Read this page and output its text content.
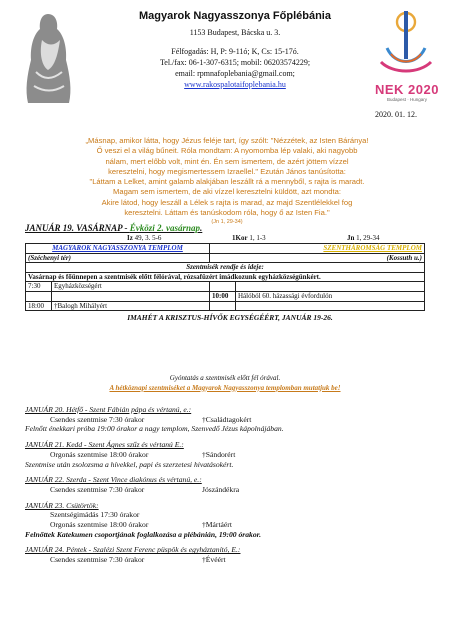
NEK 2020
Budapest · Hungary
2020. 01. 12.
Magyarok Nagyasszonya Főplébánia
1153 Budapest, Bácska u. 3.
Félfogadás: H, P: 9-11ó; K, Cs: 15-17ó.
Tel./fax: 06-1-307-6315; mobil: 06203574229;
email: rpmnafoplebania@gmail.com;
www.rakospalotaifoplebania.hu
„Másnap, amikor látta, hogy Jézus feléje tart, így szólt: "Nézzétek, az Isten Báránya!
Ő veszi el a világ bűneit. Róla mondtam: A nyomomba lép valaki, aki nagyobb
nálam, mert előbb volt, mint én. Én sem ismertem, de azért jöttem vízzel
keresztelni, hogy megismertessem Izraellel." Ezután János tanúsította:
"Láttam a Lelket, amint galamb alakjában leszállt rá a mennyből, s rajta is maradt.
Magam sem ismertem, de aki vízzel keresztelni küldött, azt mondta:
Akire látod, hogy leszáll a Lélek s rajta is marad, az majd Szentlélekkel fog
keresztelni. Láttam és tanúskodom róla, hogy ő az Isten Fia."
(Jn 1, 29-34)
JANUÁR 19. VASÁRNAP - Évközi 2. vasárnap.
Iz 49, 3. 5-6	1Kor 1, 1-3	Jn 1, 29-34
MAGYAROK NAGYASSZONYA TEMPLOM		SZENTHÁROMSÁG TEMPLOM	
(Széchenyi tér)		(Kossuth u.)	
Szentmisék rendje és ideje:			
Vasárnap és főünnepen a szentmisék előtt félórával, rózsafüzért imádkozunk egyházközségünkért.			
7:30	Egyházközségért		
		10:00	Hálóból 60. házassági évfordulón
18:00	†Balogh Mihályért		
IMAHÉT A KRISZTUS-HÍVŐK EGYSÉGÉÉRT, JANUÁR 19-26.
Gyóntatás a szentmisék előtt fél órával.
A hétköznapi szentmiséket a Magyarok Nagyasszonya templomban mutatjuk be!
JANUÁR 20. Hétfő - Szent Fábián pápa és vértanú, e.:
Csendes szentmise 7:30 órakor	†Családtagokért
Felnőtt énekkari próba 19:00 órakor a nagy templom, Szenvedő Jézus kápolnájában.
JANUÁR 21. Kedd - Szent Ágnes szűz és vértanú E.:
Orgonás szentmise 18:00 órakor	†Sándorért
Szentmise után zsolozsma a hívekkel, papi és szerzetesi hivatásokért.
JANUÁR 22. Szerda - Szent Vince diakónus és vértanú, e.:
Csendes szentmise 7:30 órakor	Jószándékra
JANUÁR 23. Csütörtök:
Szentségimádás 17:30 órakor
Orgonás szentmise 18:00 órakor	†Mártáért
Felnőttek Katekumen csoportjának foglalkozása a plébánián, 19:00 órakor.
JANUÁR 24. Péntek - Szalézi Szent Ferenc püspök és egyháztanító, E.:
Csendes szentmise 7:30 órakor	†Évéért
